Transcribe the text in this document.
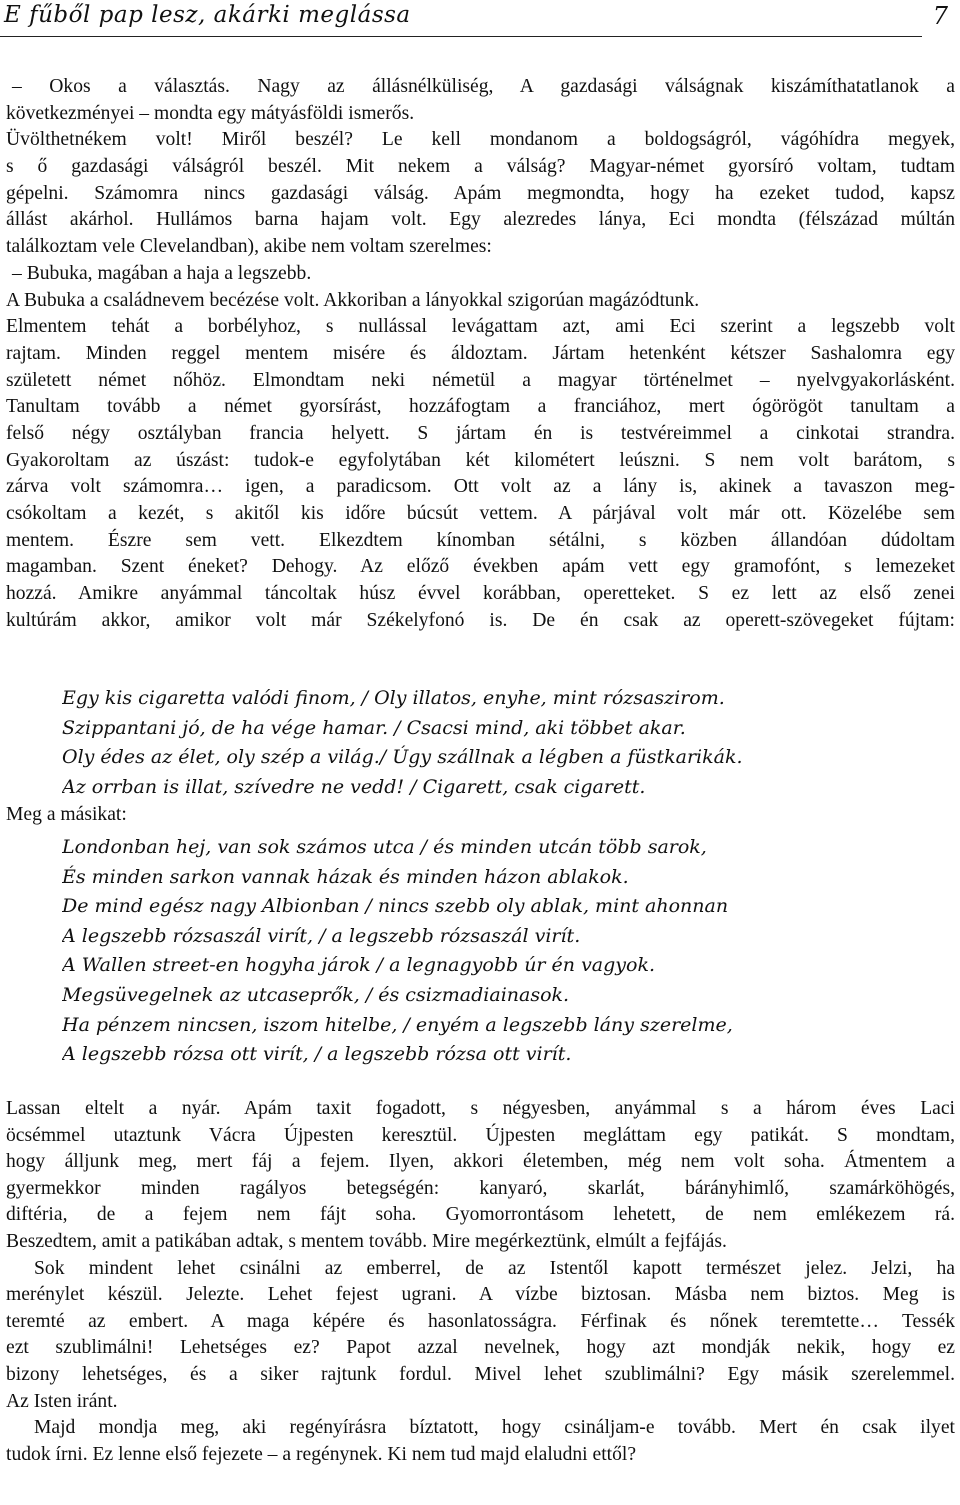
E fűből pap lesz, akárki meglássa	7
– Okos a választás. Nagy az állásnélküliség, A gazdasági válságnak kiszámíthatatlanok a
következményei – mondta egy mátyásföldi ismerős.
Üvölthetnékem volt! Miről beszél? Le kell mondanom a boldogságról, vágóhídra megyek,
s ő gazdasági válságról beszél. Mit nekem a válság? Magyar-német gyorsíró voltam, tudtam
gépelni. Számomra nincs gazdasági válság. Apám megmondta, hogy ha ezeket tudod, kapsz
állást akárhol. Hullámos barna hajam volt. Egy alezredes lánya, Eci mondta (félszázad múltán
találkoztam vele Clevelandban), akibe nem voltam szerelmes:
– Bubuka, magában a haja a legszebb.
A Bubuka a családnevem becézése volt. Akkoriban a lányokkal szigorúan magázódtunk.
Elmentem tehát a borbélyhoz, s nullással levágattam azt, ami Eci szerint a legszebb volt
rajtam. Minden reggel mentem misére és áldoztam. Jártam hetenként kétszer Sashalomra egy
született német nőhöz. Elmondtam neki németül a magyar történelmet – nyelvgyakorlásként.
Tanultam tovább a német gyorsírást, hozzáfogtam a franciához, mert ógörögöt tanultam a
felső négy osztályban francia helyett. S jártam én is testvéreimmel a cinkotai strandra.
Gyakoroltam az úszást: tudok-e egyfolytában két kilométert leúszni. S nem volt barátom, s
zárva volt számomra… igen, a paradicsom. Ott volt az a lány is, akinek a tavaszon meg-
csókoltam a kezét, s akitől kis időre búcsút vettem. A párjával volt már ott. Közelébe sem
mentem. Észre sem vett. Elkezdtem kínomban sétálni, s közben állandóan dúdoltam
magamban. Szent éneket? Dehogy. Az előző években apám vett egy gramofónt, s lemezeket
hozzá. Amikre anyámmal táncoltak húsz évvel korábban, operetteket. S ez lett az első zenei
kultúrám akkor, amikor volt már Székelyfonó is. De én csak az operett-szövegeket fújtam:
Egy kis cigaretta valódi finom, / Oly illatos, enyhe, mint rózsaszirom.
Szippantani jó, de ha vége hamar. / Csacsi mind, aki többet akar.
Oly édes az élet, oly szép a világ./ Úgy szállnak a légben a füstkarikák.
Az orrban is illat, szívedre ne vedd! / Cigarett, csak cigarett.
Meg a másikat:
Londonban hej, van sok számos utca / és minden utcán több sarok,
És minden sarkon vannak házak és minden házon ablakok.
De mind egész nagy Albionban / nincs szebb oly ablak, mint ahonnan
A legszebb rózsaszál virít, / a legszebb rózsaszál virít.
A Wallen street-en hogyha járok / a legnagyobb úr én vagyok.
Megsüvegelnek az utcaseprők, / és csizmadiainasok.
Ha pénzem nincsen, iszom hitelbe, / enyém a legszebb lány szerelme,
A legszebb rózsa ott virít, / a legszebb rózsa ott virít.
Lassan eltelt a nyár. Apám taxit fogadott, s négyesben, anyámmal s a három éves Laci
öcsémmel utaztunk Vácra Újpesten keresztül. Újpesten megláttam egy patikát. S mondtam,
hogy álljunk meg, mert fáj a fejem. Ilyen, akkori életemben, még nem volt soha. Átmentem a
gyermekkor minden ragályos betegségén: kanyaró, skarlát, bárányhimlő, szamárköhögés,
diftéria, de a fejem nem fájt soha. Gyomorrontásom lehetett, de nem emlékezem rá.
Beszedtem, amit a patikában adtak, s mentem tovább. Mire megérkeztünk, elmúlt a fejfájás.
Sok mindent lehet csinálni az emberrel, de az Istentől kapott természet jelez. Jelzi, ha
merénylet készül. Jelezte. Lehet fejest ugrani. A vízbe biztosan. Másba nem biztos. Meg is
teremté az embert. A maga képére és hasonlatosságra. Férfinak és nőnek teremtette… Tessék
ezt szublimálni! Lehetséges ez? Papot azzal nevelnek, hogy azt mondják nekik, hogy ez
bizony lehetséges, és a siker rajtunk fordul. Mivel lehet szublimálni? Egy másik szerelemmel.
Az Isten iránt.
Majd mondja meg, aki regényírásra bíztatott, hogy csináljam-e tovább. Mert én csak ilyet
tudok írni. Ez lenne első fejezete – a regénynek. Ki nem tud majd elaludni ettől?
